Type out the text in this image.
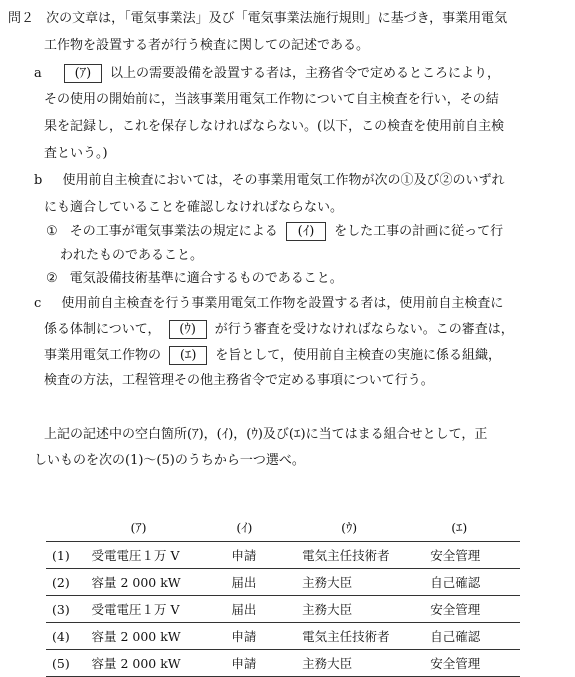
問２ 次の文章は，「電気事業法」及び「電気事業法施行規則」に基づき，事業用電気
工作物を設置する者が行う検査に関しての記述である。
a	(ｱ) 以上の需要設備を設置する者は，主務省令で定めるところにより，
その使用の開始前に，当該事業用電気工作物について自主検査を行い，その結
果を記録し，これを保存しなければならない。(以下，この検査を使用前自主検
査という。)
b 使用前自主検査においては，その事業用電気工作物が次の①及び②のいずれ
にも適合していることを確認しなければならない。
① その工事が電気事業法の規定による (ｲ) をした工事の計画に従って行
われたものであること。
② 電気設備技術基準に適合するものであること。
c 使用前自主検査を行う事業用電気工作物を設置する者は，使用前自主検査に
係る体制について， (ｳ) が行う審査を受けなければならない。この審査は，
事業用電気工作物の (ｴ) を旨として，使用前自主検査の実施に係る組織，
検査の方法，工程管理その他主務省令で定める事項について行う。
上記の記述中の空白箇所(ｱ)，(ｲ)，(ｳ)及び(ｴ)に当てはまる組合せとして，正
しいものを次の(1)～(5)のうちから一つ選べ。
	(ｱ)	(ｲ)	(ｳ)	(ｴ)
(1)	受電電圧１万 V	申請	電気主任技術者	安全管理
(2)	容量 2 000 kW	届出	主務大臣	自己確認
(3)	受電電圧１万 V	届出	主務大臣	安全管理
(4)	容量 2 000 kW	申請	電気主任技術者	自己確認
(5)	容量 2 000 kW	申請	主務大臣	安全管理
